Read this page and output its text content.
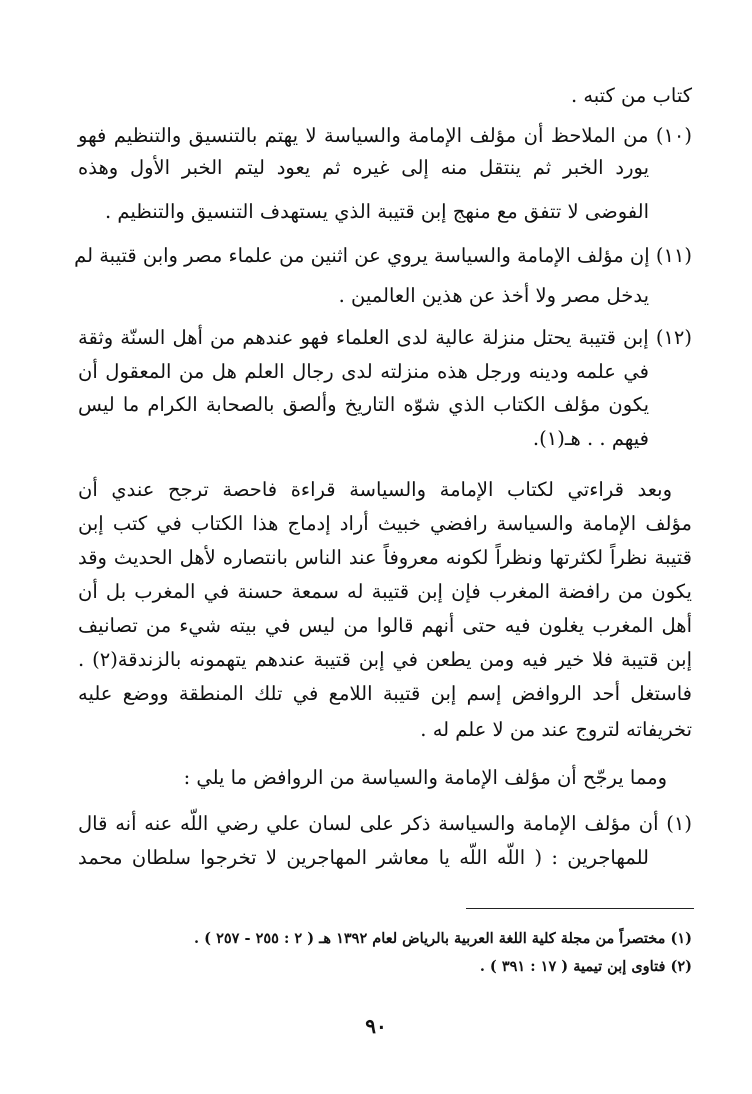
كتاب من كتبه .
(١٠) من الملاحظ أن مؤلف الإمامة والسياسة لا يهتم بالتنسيق والتنظيم فهو
يورد الخبر ثم ينتقل منه إلى غيره ثم يعود ليتم الخبر الأول وهذه
الفوضى لا تتفق مع منهج إبن قتيبة الذي يستهدف التنسيق والتنظيم .
(١١) إن مؤلف الإمامة والسياسة يروي عن اثنين من علماء مصر وابن قتيبة لم
يدخل مصر ولا أخذ عن هذين العالمين .
(١٢) إبن قتيبة يحتل منزلة عالية لدى العلماء فهو عندهم من أهل السنّة وثقة
في علمه ودينه ورجل هذه منزلته لدى رجال العلم هل من المعقول أن
يكون مؤلف الكتاب الذي شوّه التاريخ وألصق بالصحابة الكرام ما ليس
فيهم . . هـ(١).
وبعد قراءتي لكتاب الإمامة والسياسة قراءة فاحصة ترجح عندي أن
مؤلف الإمامة والسياسة رافضي خبيث أراد إدماج هذا الكتاب في كتب إبن
قتيبة نظراً لكثرتها ونظراً لكونه معروفاً عند الناس بانتصاره لأهل الحديث وقد
يكون من رافضة المغرب فإن إبن قتيبة له سمعة حسنة في المغرب بل أن
أهل المغرب يغلون فيه حتى أنهم قالوا من ليس في بيته شيء من تصانيف
إبن قتيبة فلا خير فيه ومن يطعن في إبن قتيبة عندهم يتهمونه بالزندقة(٢) .
فاستغل أحد الروافض إسم إبن قتيبة اللامع في تلك المنطقة ووضع عليه
تخريفاته لتروج عند من لا علم له .
ومما يرجّح أن مؤلف الإمامة والسياسة من الروافض ما يلي :
(١) أن مؤلف الإمامة والسياسة ذكر على لسان علي رضي اللّه عنه أنه قال
للمهاجرين : ( اللّه اللّه يا معاشر المهاجرين لا تخرجوا سلطان محمد
(١) مختصراً من مجلة كلية اللغة العربية بالرياض لعام ١٣٩٢ هـ ( ٢ : ٢٥٥ - ٢٥٧ ) .
(٢) فتاوى إبن تيمية ( ١٧ : ٣٩١ ) .
٩٠
